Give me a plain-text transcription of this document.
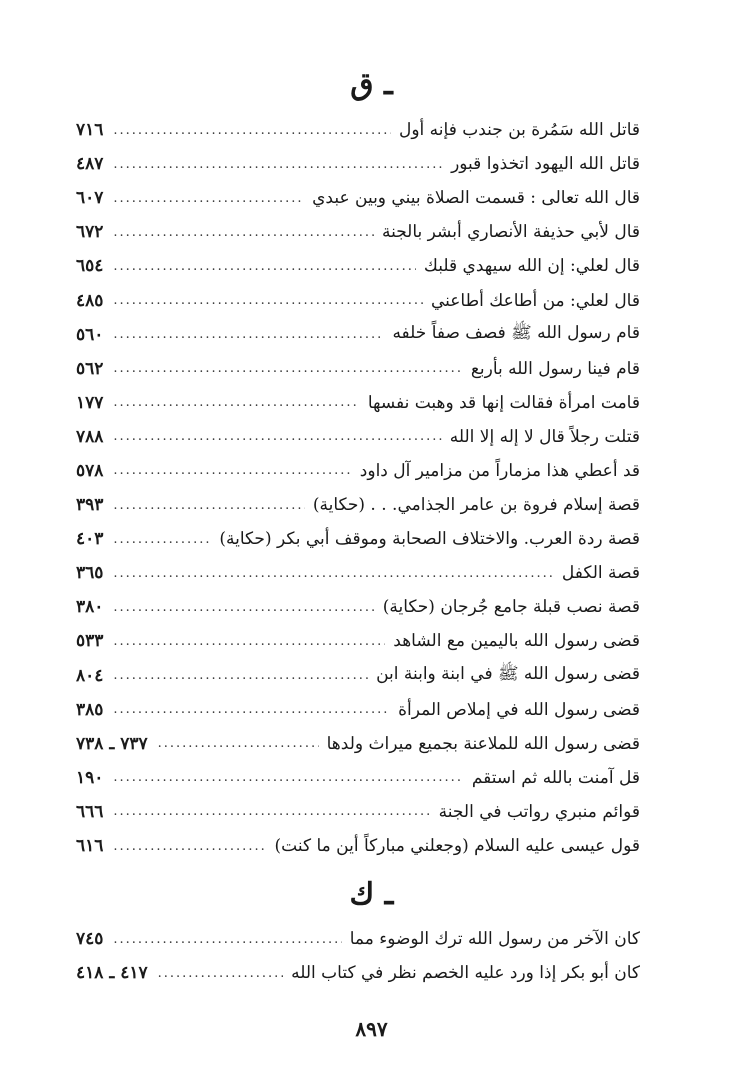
ـ ق
قاتل الله سَمُرة بن جندب فإنه أول
.....
٧١٦
قاتل الله اليهود اتخذوا قبور
.....
٤٨٧
قال الله تعالى : قسمت الصلاة بيني وبين عبدي
.....
٦٠٧
قال لأبي حذيفة الأنصاري أبشر بالجنة
.....
٦٧٢
قال لعلي: إن الله سيهدي قلبك
.....
٦٥٤
قال لعلي: من أطاعك أطاعني
.....
٤٨٥
قام رسول الله ﷺ فصف صفاً خلفه
.....
٥٦٠
قام فينا رسول الله بأربع
.....
٥٦٢
قامت امرأة فقالت إنها قد وهبت نفسها
.....
١٧٧
قتلت رجلاً قال لا إله إلا الله
.....
٧٨٨
قد أعطي هذا مزماراً من مزامير آل داود
.....
٥٧٨
قصة إسلام فروة بن عامر الجذامي. . . (حكاية)
.....
٣٩٣
قصة ردة العرب. والاختلاف الصحابة وموقف أبي بكر (حكاية)
.....
٤٠٣
قصة الكفل
.....
٣٦٥
قصة نصب قبلة جامع جُرجان (حكاية)
.....
٣٨٠
قضى رسول الله باليمين مع الشاهد
.....
٥٣٣
قضى رسول الله ﷺ في ابنة وابنة ابن
.....
٨٠٤
قضى رسول الله في إملاص المرأة
.....
٣٨٥
قضى رسول الله للملاعنة بجميع ميراث ولدها
.....
٧٣٧ ـ ٧٣٨
قل آمنت بالله ثم استقم
.....
١٩٠
قوائم منبري رواتب في الجنة
.....
٦٦٦
قول عيسى عليه السلام (وجعلني مباركاً أين ما كنت)
.....
٦١٦
ـ ك
كان الآخر من رسول الله ترك الوضوء مما
.....
٧٤٥
كان أبو بكر إذا ورد عليه الخصم نظر في كتاب الله
.....
٤١٧ ـ ٤١٨
٨٩٧
